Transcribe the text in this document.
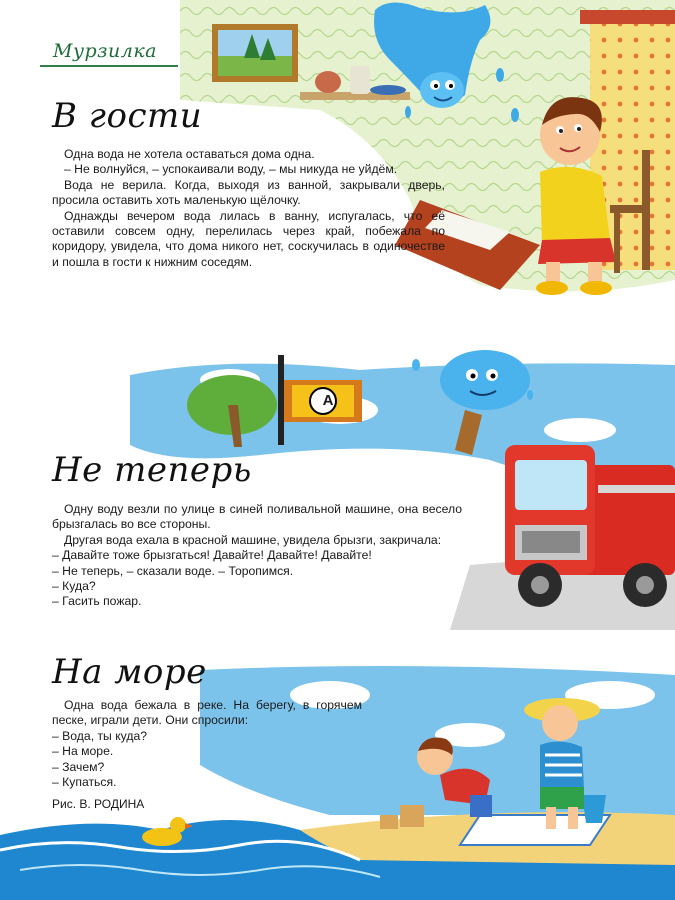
Мурзилка
В гости

Одна вода не хотела оставаться дома одна.

– Не волнуйся, – успокаивали воду, – мы никуда не уйдём.

Вода не верила. Когда, выходя из ванной, закрывали дверь, просила оставить хоть маленькую щёлочку.

Однажды вечером вода лилась в ванну, испугалась, что её оставили совсем одну, перелилась через край, побежала по коридору, увидела, что дома никого нет, соскучилась в одиночестве и пошла в гости к нижним соседям.

А
Не теперь

Одну воду везли по улице в синей поливальной машине, она весело брызгалась во все стороны.

Другая вода ехала в красной машине, увидела брызги, закричала:

– Давайте тоже брызгаться! Давайте! Давайте! Давайте!

– Не теперь, – сказали воде. – Торопимся.

– Куда?

– Гасить пожар.

На море

Одна вода бежала в реке. На берегу, в горячем песке, играли дети. Они спросили:

– Вода, ты куда?

– На море.

– Зачем?

– Купаться.

Рис. В. РОДИНА
